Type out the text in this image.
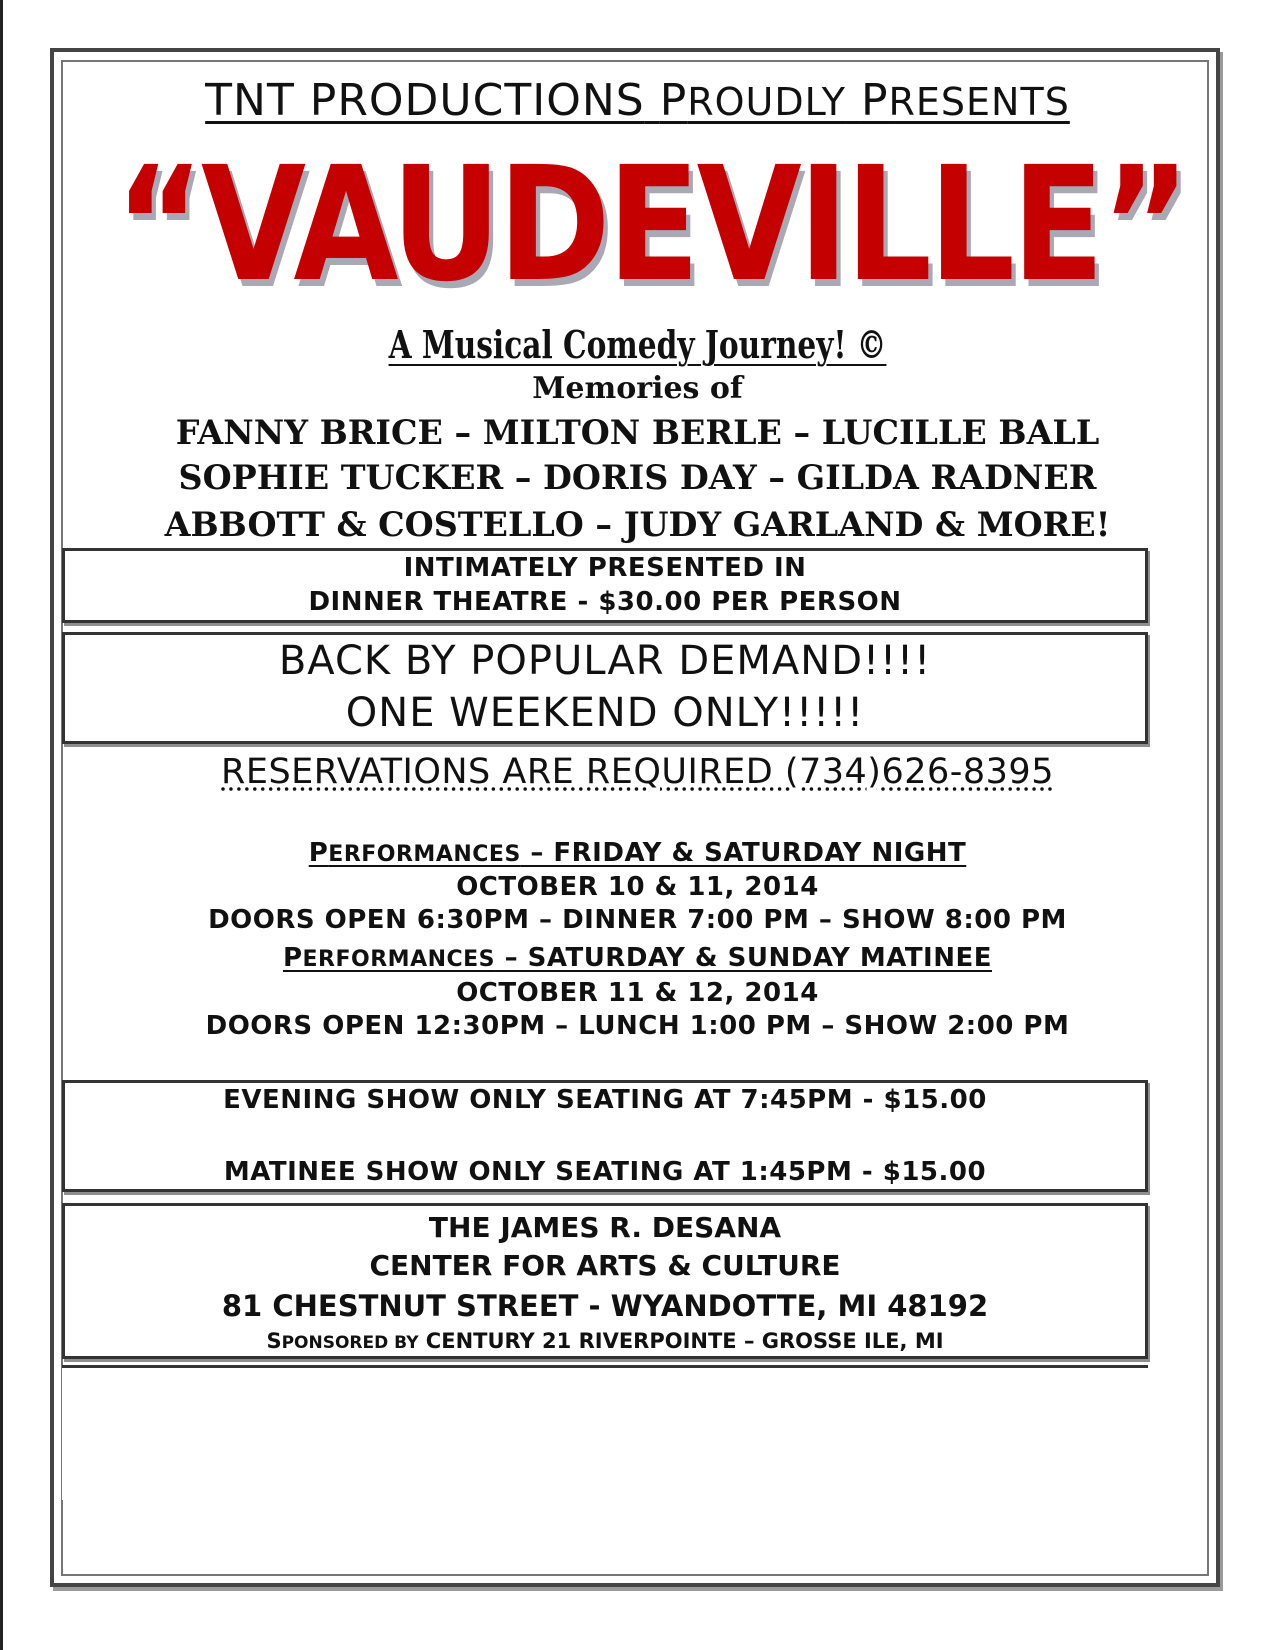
TNT PRODUCTIONS PROUDLY PRESENTS
“VAUDEVILLE”
A Musical Comedy Journey! ©
Memories of
FANNY BRICE – MILTON BERLE – LUCILLE BALL
SOPHIE TUCKER – DORIS DAY – GILDA RADNER
ABBOTT & COSTELLO – JUDY GARLAND & MORE!
INTIMATELY PRESENTED IN
DINNER THEATRE - $30.00 PER PERSON
BACK BY POPULAR DEMAND!!!!
ONE WEEKEND ONLY!!!!!
RESERVATIONS ARE REQUIRED (734)626-8395
PERFORMANCES – FRIDAY & SATURDAY NIGHT
OCTOBER 10 & 11, 2014
DOORS OPEN 6:30PM – DINNER 7:00 PM – SHOW 8:00 PM
PERFORMANCES – SATURDAY & SUNDAY MATINEE
OCTOBER 11 & 12, 2014
DOORS OPEN 12:30PM – LUNCH 1:00 PM – SHOW 2:00 PM
EVENING SHOW ONLY SEATING AT 7:45PM - $15.00
MATINEE SHOW ONLY SEATING AT 1:45PM - $15.00
THE JAMES R. DESANA
CENTER FOR ARTS & CULTURE
81 CHESTNUT STREET - WYANDOTTE, MI 48192
SPONSORED BY CENTURY 21 RIVERPOINTE – GROSSE ILE, MI
